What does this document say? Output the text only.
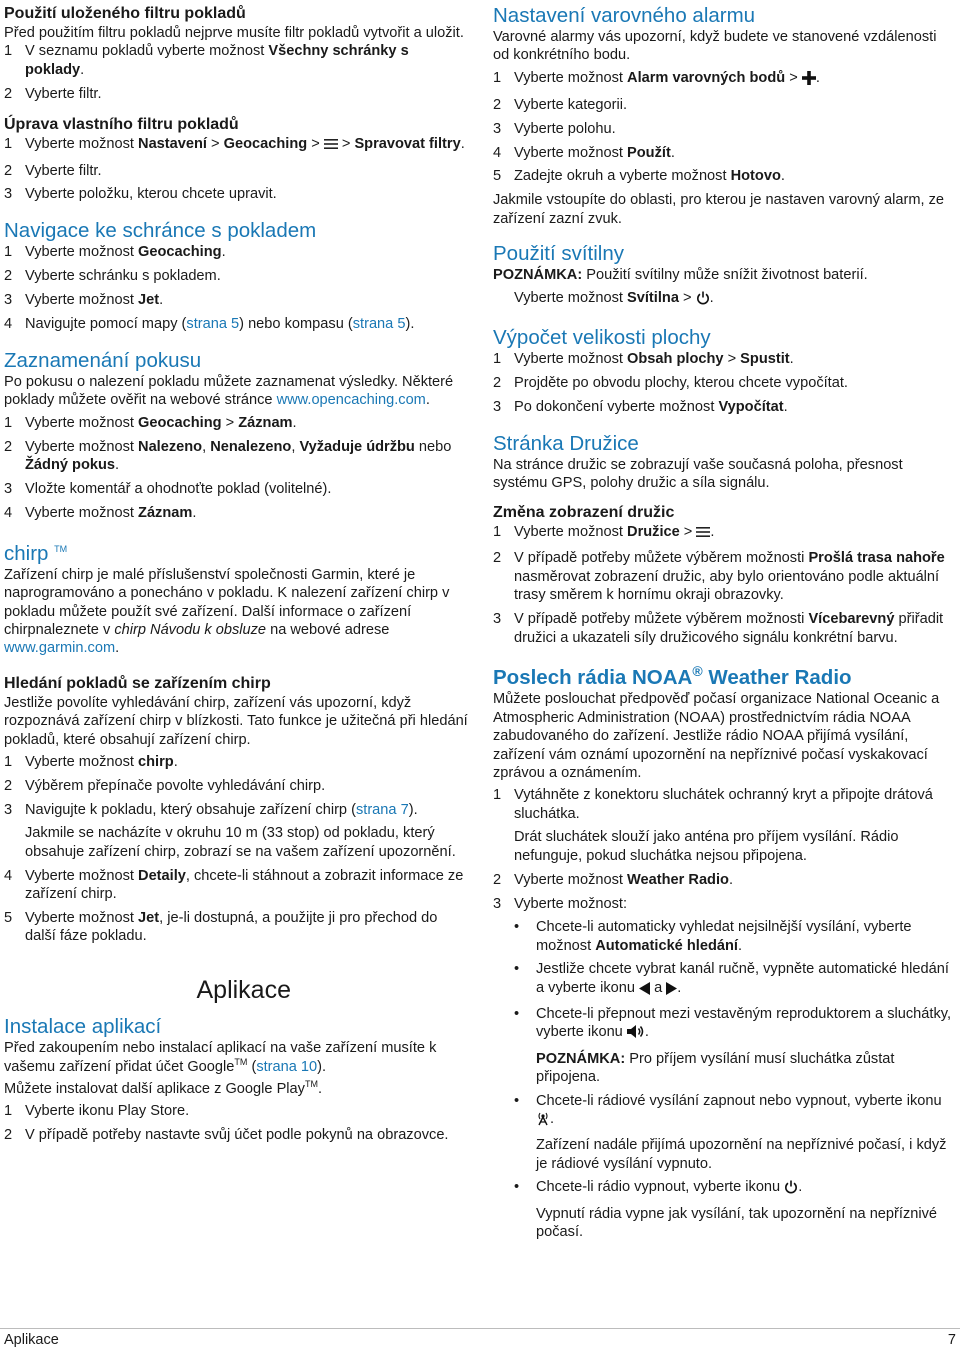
Použití uloženého filtru pokladů

Před použitím filtru pokladů nejprve musíte filtr pokladů vytvořit a uložit.

1 V seznamu pokladů vyberte možnost Všechny schránky s poklady.
2 Vyberte filtr.
Úprava vlastního filtru pokladů
1 Vyberte možnost Nastavení > Geocaching >  > Spravovat filtry.
2 Vyberte filtr.
3 Vyberte položku, kterou chcete upravit.
Navigace ke schránce s pokladem
1 Vyberte možnost Geocaching.
2 Vyberte schránku s pokladem.
3 Vyberte možnost Jet.
4 Navigujte pomocí mapy (strana 5) nebo kompasu (strana 5).
Zaznamenání pokusu

Po pokusu o nalezení pokladu můžete zaznamenat výsledky. Některé poklady můžete ověřit na webové stránce www.opencaching.com.

1 Vyberte možnost Geocaching > Záznam.
2 Vyberte možnost Nalezeno, Nenalezeno, Vyžaduje údržbu nebo Žádný pokus.
3 Vložte komentář a ohodnoťte poklad (volitelné).
4 Vyberte možnost Záznam.
chirp ™

Zařízení chirp je malé příslušenství společnosti Garmin, které je naprogramováno a ponecháno v pokladu. K nalezení zařízení chirp v pokladu můžete použít své zařízení. Další informace o zařízení chirpnaleznete v chirp Návodu k obsluze na webové adrese www.garmin.com.

Hledání pokladů se zařízením chirp

Jestliže povolíte vyhledávání chirp, zařízení vás upozorní, když rozpoznává zařízení chirp v blízkosti. Tato funkce je užitečná při hledání pokladů, které obsahují zařízení chirp.

1 Vyberte možnost chirp.
2 Výběrem přepínače povolte vyhledávání chirp.
3 Navigujte k pokladu, který obsahuje zařízení chirp (strana 7).

Jakmile se nacházíte v okruhu 10 m (33 stop) od pokladu, který obsahuje zařízení chirp, zobrazí se na vašem zařízení upozornění.

4 Vyberte možnost Detaily, chcete-li stáhnout a zobrazit informace ze zařízení chirp.
5 Vyberte možnost Jet, je-li dostupná, a použijte ji pro přechod do další fáze pokladu.
Aplikace
Instalace aplikací

Před zakoupením nebo instalací aplikací na vaše zařízení musíte k vašemu zařízení přidat účet Google™ (strana 10).

Můžete instalovat další aplikace z Google Play™.

1 Vyberte ikonu Play Store.
2 V případě potřeby nastavte svůj účet podle pokynů na obrazovce.
Nastavení varovného alarmu

Varovné alarmy vás upozorní, když budete ve stanovené vzdálenosti od konkrétního bodu.

1 Vyberte možnost Alarm varovných bodů > .
2 Vyberte kategorii.
3 Vyberte polohu.
4 Vyberte možnost Použít.
5 Zadejte okruh a vyberte možnost Hotovo.

Jakmile vstoupíte do oblasti, pro kterou je nastaven varovný alarm, ze zařízení zazní zvuk.

Použití svítilny

POZNÁMKA: Použití svítilny může snížit životnost baterií.

Vyberte možnost Svítilna > .

Výpočet velikosti plochy
1 Vyberte možnost Obsah plochy > Spustit.
2 Projděte po obvodu plochy, kterou chcete vypočítat.
3 Po dokončení vyberte možnost Vypočítat.
Stránka Družice

Na stránce družic se zobrazují vaše současná poloha, přesnost systému GPS, polohy družic a síla signálu.

Změna zobrazení družic
1 Vyberte možnost Družice > .
2 V případě potřeby můžete výběrem možnosti Prošlá trasa nahoře nasměrovat zobrazení družic, aby bylo orientováno podle aktuální trasy směrem k hornímu okraji obrazovky.
3 V případě potřeby můžete výběrem možnosti Vícebarevný přiřadit družici a ukazateli síly družicového signálu konkrétní barvu.
Poslech rádia NOAA® Weather Radio

Můžete poslouchat předpověď počasí organizace National Oceanic a Atmospheric Administration (NOAA) prostřednictvím rádia NOAA zabudovaného do zařízení. Jestliže rádio NOAA přijímá vysílání, zařízení vám oznámí upozornění na nepříznivé počasí vyskakovací zprávou a oznámením.

1 Vytáhněte z konektoru sluchátek ochranný kryt a připojte drátová sluchátka.

Drát sluchátek slouží jako anténa pro příjem vysílání. Rádio nefunguje, pokud sluchátka nejsou připojena.

2 Vyberte možnost Weather Radio.
3 Vyberte možnost:
• Chcete-li automaticky vyhledat nejsilnější vysílání, vyberte možnost Automatické hledání.
• Jestliže chcete vybrat kanál ručně, vypněte automatické hledání a vyberte ikonu  a .
• Chcete-li přepnout mezi vestavěným reproduktorem a sluchátky, vyberte ikonu .

POZNÁMKA: Pro příjem vysílání musí sluchátka zůstat připojena.

• Chcete-li rádiové vysílání zapnout nebo vypnout, vyberte ikonu .

Zařízení nadále přijímá upozornění na nepříznivé počasí, i když je rádiové vysílání vypnuto.

• Chcete-li rádio vypnout, vyberte ikonu .

Vypnutí rádia vypne jak vysílání, tak upozornění na nepříznivé počasí.

Aplikace	7
